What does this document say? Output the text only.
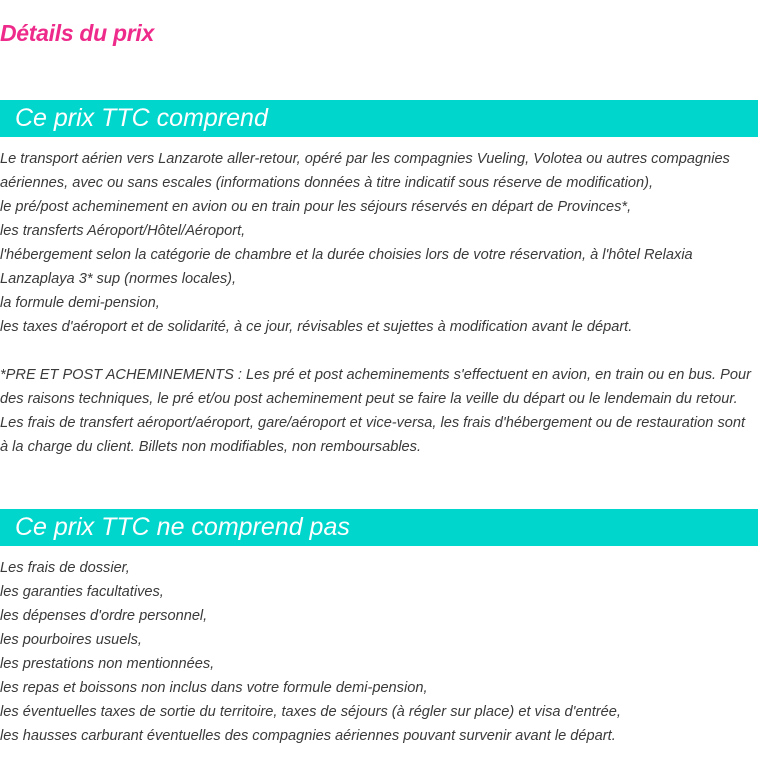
Détails du prix
Ce prix TTC comprend
Le transport aérien vers Lanzarote aller-retour, opéré par les compagnies Vueling, Volotea ou autres compagnies aériennes, avec ou sans escales (informations données à titre indicatif sous réserve de modification),
le pré/post acheminement en avion ou en train pour les séjours réservés en départ de Provinces*,
les transferts Aéroport/Hôtel/Aéroport,
l'hébergement selon la catégorie de chambre et la durée choisies lors de votre réservation, à l'hôtel Relaxia Lanzaplaya 3* sup (normes locales),
la formule demi-pension,
les taxes d'aéroport et de solidarité, à ce jour, révisables et sujettes à modification avant le départ.
*PRE ET POST ACHEMINEMENTS : Les pré et post acheminements s'effectuent en avion, en train ou en bus. Pour des raisons techniques, le pré et/ou post acheminement peut se faire la veille du départ ou le lendemain du retour. Les frais de transfert aéroport/aéroport, gare/aéroport et vice-versa, les frais d'hébergement ou de restauration sont à la charge du client. Billets non modifiables, non remboursables.
Ce prix TTC ne comprend pas
Les frais de dossier,
les garanties facultatives,
les dépenses d'ordre personnel,
les pourboires usuels,
les prestations non mentionnées,
les repas et boissons non inclus dans votre formule demi-pension,
les éventuelles taxes de sortie du territoire, taxes de séjours (à régler sur place) et visa d'entrée,
les hausses carburant éventuelles des compagnies aériennes pouvant survenir avant le départ.
